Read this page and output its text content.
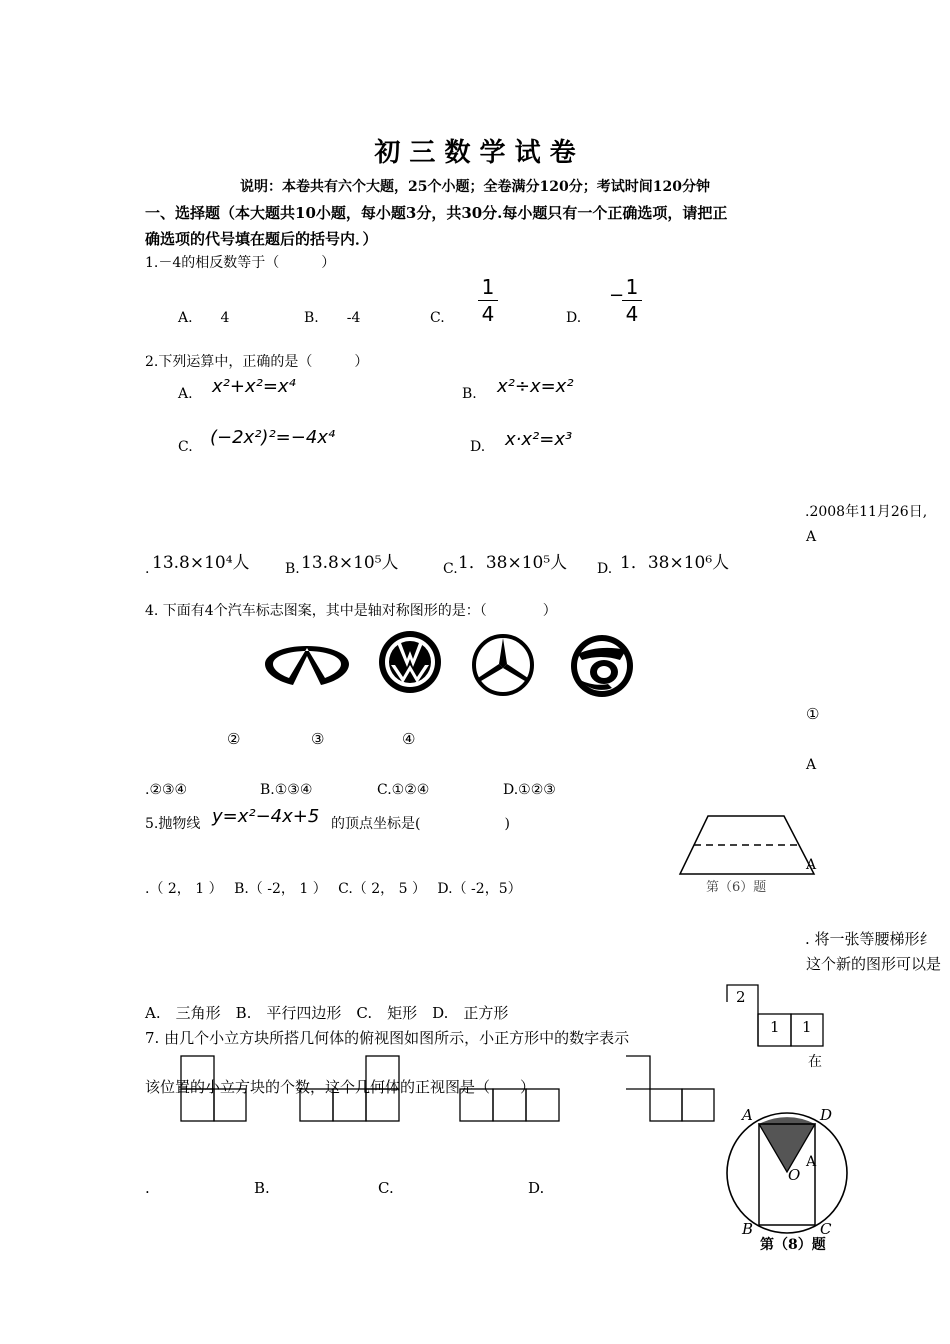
初 三 数 学 试 卷
说明：本卷共有六个大题，25个小题；全卷满分120分；考试时间120分钟
一、选择题（本大题共10小题，每小题3分，共30分.每小题只有一个正确选项，请把正
确选项的代号填在题后的括号内．）
1.－4的相反数等于（　　　）
A.　　4	B.　　-4	C.
1
4	D.
− 1
4
2.下列运算中，正确的是（　　　）
A. x²+x²=x⁴	B. x²÷x=x²
C. (−2x²)²=−4x⁴	D. x·x²=x³
.2008年11月26日,
A
. 13.8×10⁴人	B. 13.8×10⁵人	C. 1．38×10⁵人 D. 1．38×10⁶人
4. 下面有4个汽车标志图案，其中是轴对称图形的是：（　　　　）
①
②	③	④
A
.②③④	B.①③④	C.①②④	D.①②③
5.抛物线 y=x²−4x+5 的顶点坐标是(　　　　　　)
.（ 2， 1 ）　 B.（ -2， 1 ）　 C.（ 2， 5 ）　 D.（ -2，5）
A
第（6）题
. 将一张等腰梯形纟
这个新的图形可以是
A.　三角形　B.　平行四边形　C.　矩形　D.　正方形
2
1 1
在
7. 由几个小立方块所搭几何体的俯视图如图所示，小正方形中的数字表示
该位置的小立方块的个数，这个几何体的正视图是（　　）
.	B.	C.	D.
A	D
A
O
B	C
第（8）题
